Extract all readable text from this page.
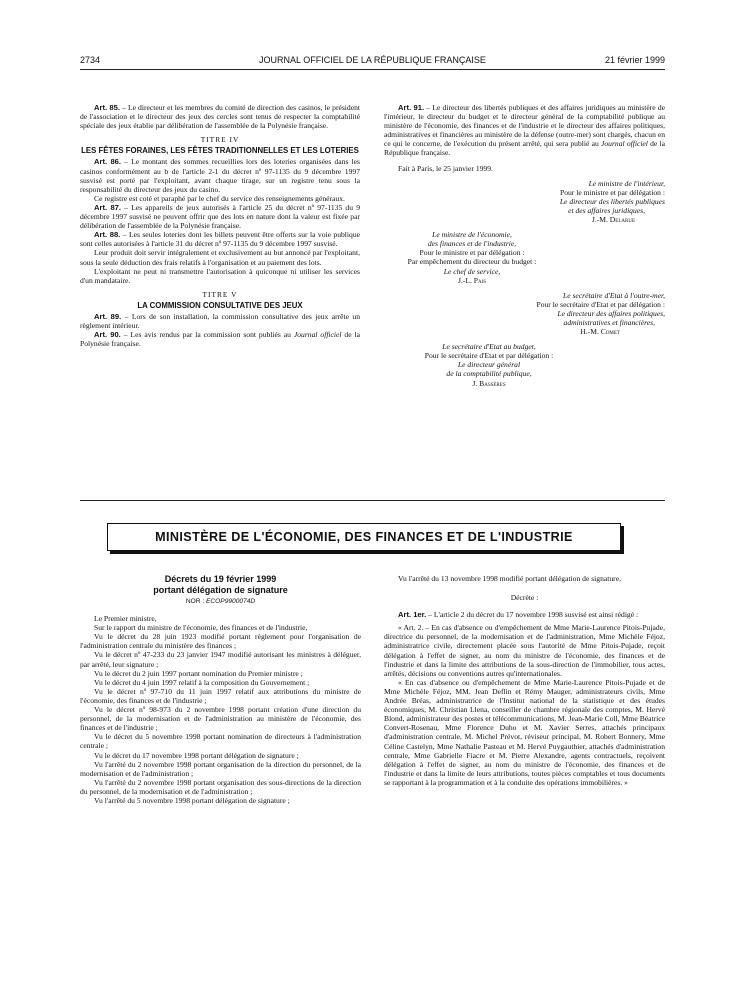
2734	JOURNAL OFFICIEL DE LA RÉPUBLIQUE FRANÇAISE	21 février 1999

Art. 85. – Le directeur et les membres du comité de direction des casinos, le président de l'association et le directeur des jeux des cercles sont tenus de respecter la comptabilité spéciale des jeux établie par délibération de l'assemblée de la Polynésie française.

TITRE IV

LES FÊTES FORAINES, LES FÊTES TRADITIONNELLES ET LES LOTERIES

Art. 86. – Le montant des sommes recueillies lors des loteries organisées dans les casinos conformément au b de l'article 2-1 du décret nº 97-1135 du 9 décembre 1997 susvisé est porté par l'exploitant, avant chaque tirage, sur un registre tenu sous la responsabilité du directeur des jeux du casino.

Ce registre est coté et paraphé par le chef du service des renseignements généraux.

Art. 87. – Les appareils de jeux autorisés à l'article 25 du décret nº 97-1135 du 9 décembre 1997 susvisé ne peuvent offrir que des lots en nature dont la valeur est fixée par délibération de l'assemblée de la Polynésie française.

Art. 88. – Les seules loteries dont les billets peuvent être offerts sur la voie publique sont celles autorisées à l'article 31 du décret nº 97-1135 du 9 décembre 1997 susvisé.

Leur produit doit servir intégralement et exclusivement au but annoncé par l'exploitant, sous la seule déduction des frais relatifs à l'organisation et au paiement des lots.

L'exploitant ne peut ni transmettre l'autorisation à quiconque ni utiliser les services d'un mandataire.

TITRE V

LA COMMISSION CONSULTATIVE DES JEUX

Art. 89. – Lors de son installation, la commission consultative des jeux arrête un règlement intérieur.

Art. 90. – Les avis rendus par la commission sont publiés au Journal officiel de la Polynésie française.

Art. 91. – Le directeur des libertés publiques et des affaires juridiques au ministère de l'intérieur, le directeur du budget et le directeur général de la comptabilité publique au ministère de l'économie, des finances et de l'industrie et le directeur des affaires politiques, administratives et financières au ministère de la défense (outre-mer) sont chargés, chacun en ce qui le concerne, de l'exécution du présent arrêté, qui sera publié au Journal officiel de la République française.

Fait à Paris, le 25 janvier 1999.

Le ministre de l'intérieur,

Pour le ministre et par délégation :

Le directeur des libertés publiques

et des affaires juridiques,

J.-M. Delarue

Le ministre de l'économie,

des finances et de l'industrie,

Pour le ministre et par délégation :

Par empêchement du directeur du budget :

Le chef de service,

J.-L. Pais

Le secrétaire d'Etat à l'outre-mer,

Pour le secrétaire d'Etat et par délégation :

Le directeur des affaires politiques,

administratives et financières,

H.-M. Comet

Le secrétaire d'Etat au budget,

Pour le secrétaire d'Etat et par délégation :

Le directeur général

de la comptabilité publique,

J. Bassères

MINISTÈRE DE L'ÉCONOMIE, DES FINANCES ET DE L'INDUSTRIE

Décrets du 19 février 1999

portant délégation de signature

NOR : ECOP9900074D

Le Premier ministre,

Sur le rapport du ministre de l'économie, des finances et de l'industrie,

Vu le décret du 28 juin 1923 modifié portant règlement pour l'organisation de l'administration centrale du ministère des finances ;

Vu le décret nº 47-233 du 23 janvier 1947 modifié autorisant les ministres à déléguer, par arrêté, leur signature ;

Vu le décret du 2 juin 1997 portant nomination du Premier ministre ;

Vu le décret du 4 juin 1997 relatif à la composition du Gouvernement ;

Vu le décret nº 97-710 du 11 juin 1997 relatif aux attributions du ministre de l'économie, des finances et de l'industrie ;

Vu le décret nº 98-973 du 2 novembre 1998 portant création d'une direction du personnel, de la modernisation et de l'administration au ministère de l'économie, des finances et de l'industrie ;

Vu le décret du 5 novembre 1998 portant nomination de directeurs à l'administration centrale ;

Vu le décret du 17 novembre 1998 portant délégation de signature ;

Vu l'arrêté du 2 novembre 1998 portant organisation de la direction du personnel, de la modernisation et de l'administration ;

Vu l'arrêté du 2 novembre 1998 portant organisation des sous-directions de la direction du personnel, de la modernisation et de l'administration ;

Vu l'arrêté du 5 novembre 1998 portant délégation de signature ;

Vu l'arrêté du 13 novembre 1998 modifié portant délégation de signature,

Décrète :

Art. 1er. – L'article 2 du décret du 17 novembre 1998 susvisé est ainsi rédigé :

« Art. 2. – En cas d'absence ou d'empêchement de Mme Marie-Laurence Pitois-Pujade, directrice du personnel, de la modernisation et de l'administration, Mme Michèle Féjoz, administratrice civile, directement placée sous l'autorité de Mme Pitois-Pujade, reçoit délégation à l'effet de signer, au nom du ministre de l'économie, des finances et de l'industrie et dans la limite des attributions de la sous-direction de l'immobilier, tous actes, arrêtés, décisions ou conventions autres qu'internationales.

« En cas d'absence ou d'empêchement de Mme Marie-Laurence Pitois-Pujade et de Mme Michèle Féjoz, MM. Jean Deflin et Rémy Mauger, administrateurs civils, Mme Andrée Bréas, administratrice de l'Institut national de la statistique et des études économiques, M. Christian Llena, conseiller de chambre régionale des comptes, M. Hervé Blond, administrateur des postes et télécommunications, M. Jean-Marie Coll, Mme Béatrice Convert-Rosenau, Mme Florence Duho et M. Xavier Serres, attachés principaux d'administration centrale, M. Michel Prévot, réviseur principal, M. Robert Bonnery, Mme Céline Castelyn, Mme Nathalie Pasteau et M. Hervé Puygauthier, attachés d'administration centrale, Mme Gabrielle Fiacre et M. Pierre Alexandre, agents contractuels, reçoivent délégation à l'effet de signer, au nom du ministre de l'économie, des finances et de l'industrie et dans la limite de leurs attributions, toutes pièces comptables et tous documents se rapportant à la programmation et à la conduite des opérations immobilières. »
